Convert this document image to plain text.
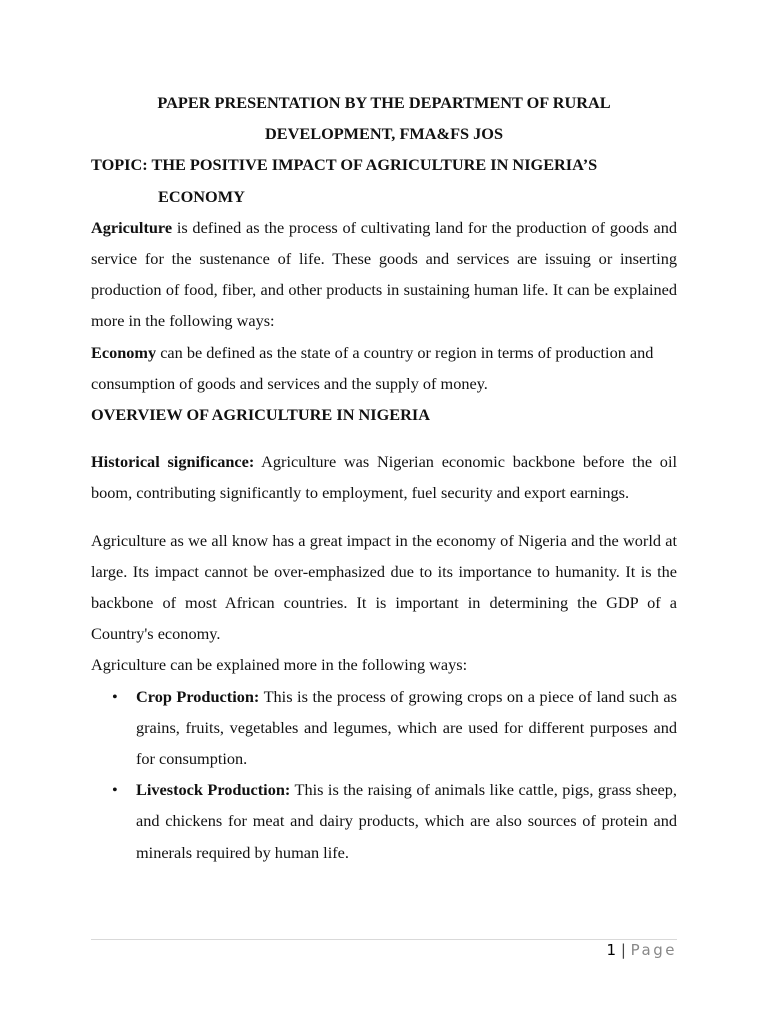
PAPER PRESENTATION BY THE DEPARTMENT OF RURAL
DEVELOPMENT, FMA&FS JOS
TOPIC: THE POSITIVE IMPACT OF AGRICULTURE IN NIGERIA’S
ECONOMY

Agriculture is defined as the process of cultivating land for the production of goods and service for the sustenance of life. These goods and services are issuing or inserting production of food, fiber, and other products in sustaining human life. It can be explained more in the following ways:

Economy can be defined as the state of a country or region in terms of production and consumption of goods and services and the supply of money.

OVERVIEW OF AGRICULTURE IN NIGERIA

Historical significance: Agriculture was Nigerian economic backbone before the oil boom, contributing significantly to employment, fuel security and export earnings.

Agriculture as we all know has a great impact in the economy of Nigeria and the world at large. Its impact cannot be over-emphasized due to its importance to humanity. It is the backbone of most African countries. It is important in determining the GDP of a Country's economy.

Agriculture can be explained more in the following ways:

• Crop Production: This is the process of growing crops on a piece of land such as grains, fruits, vegetables and legumes, which are used for different purposes and for consumption.
• Livestock Production: This is the raising of animals like cattle, pigs, grass sheep, and chickens for meat and dairy products, which are also sources of protein and minerals required by human life.
1 | Page
